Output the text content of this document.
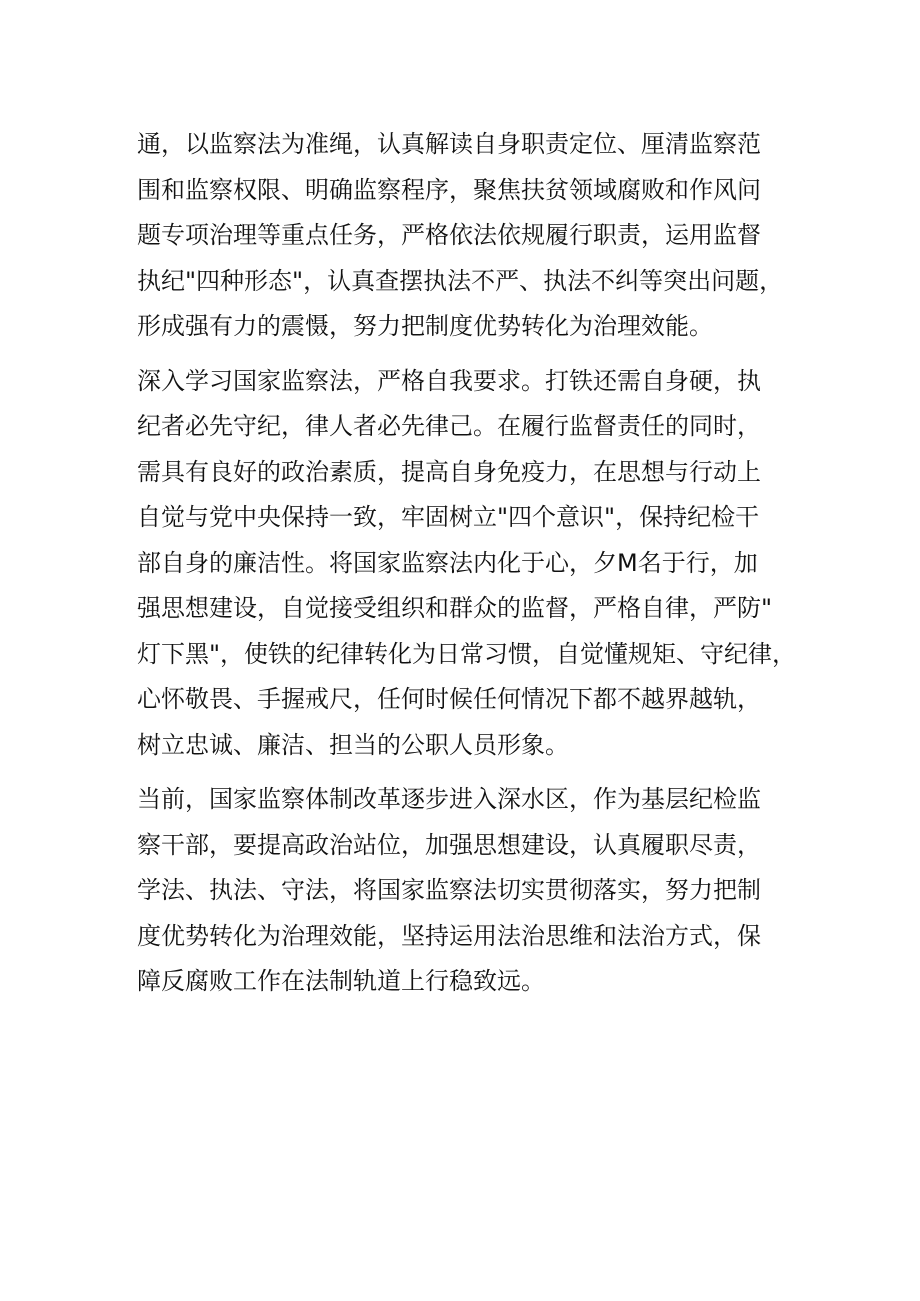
通，以监察法为准绳，认真解读自身职责定位、厘清监察范
围和监察权限、明确监察程序，聚焦扶贫领域腐败和作风问
题专项治理等重点任务，严格依法依规履行职责，运用监督
执纪"四种形态"，认真查摆执法不严、执法不纠等突出问题，
形成强有力的震慑，努力把制度优势转化为治理效能。
深入学习国家监察法，严格自我要求。打铁还需自身硬，执
纪者必先守纪，律人者必先律己。在履行监督责任的同时，
需具有良好的政治素质，提高自身免疫力，在思想与行动上
自觉与党中央保持一致，牢固树立"四个意识"，保持纪检干
部自身的廉洁性。将国家监察法内化于心，夕M名于行，加
强思想建设，自觉接受组织和群众的监督，严格自律，严防"
灯下黑"，使铁的纪律转化为日常习惯，自觉懂规矩、守纪律，
心怀敬畏、手握戒尺，任何时候任何情况下都不越界越轨，
树立忠诚、廉洁、担当的公职人员形象。
当前，国家监察体制改革逐步进入深水区，作为基层纪检监
察干部，要提高政治站位，加强思想建设，认真履职尽责，
学法、执法、守法，将国家监察法切实贯彻落实，努力把制
度优势转化为治理效能，坚持运用法治思维和法治方式，保
障反腐败工作在法制轨道上行稳致远。
